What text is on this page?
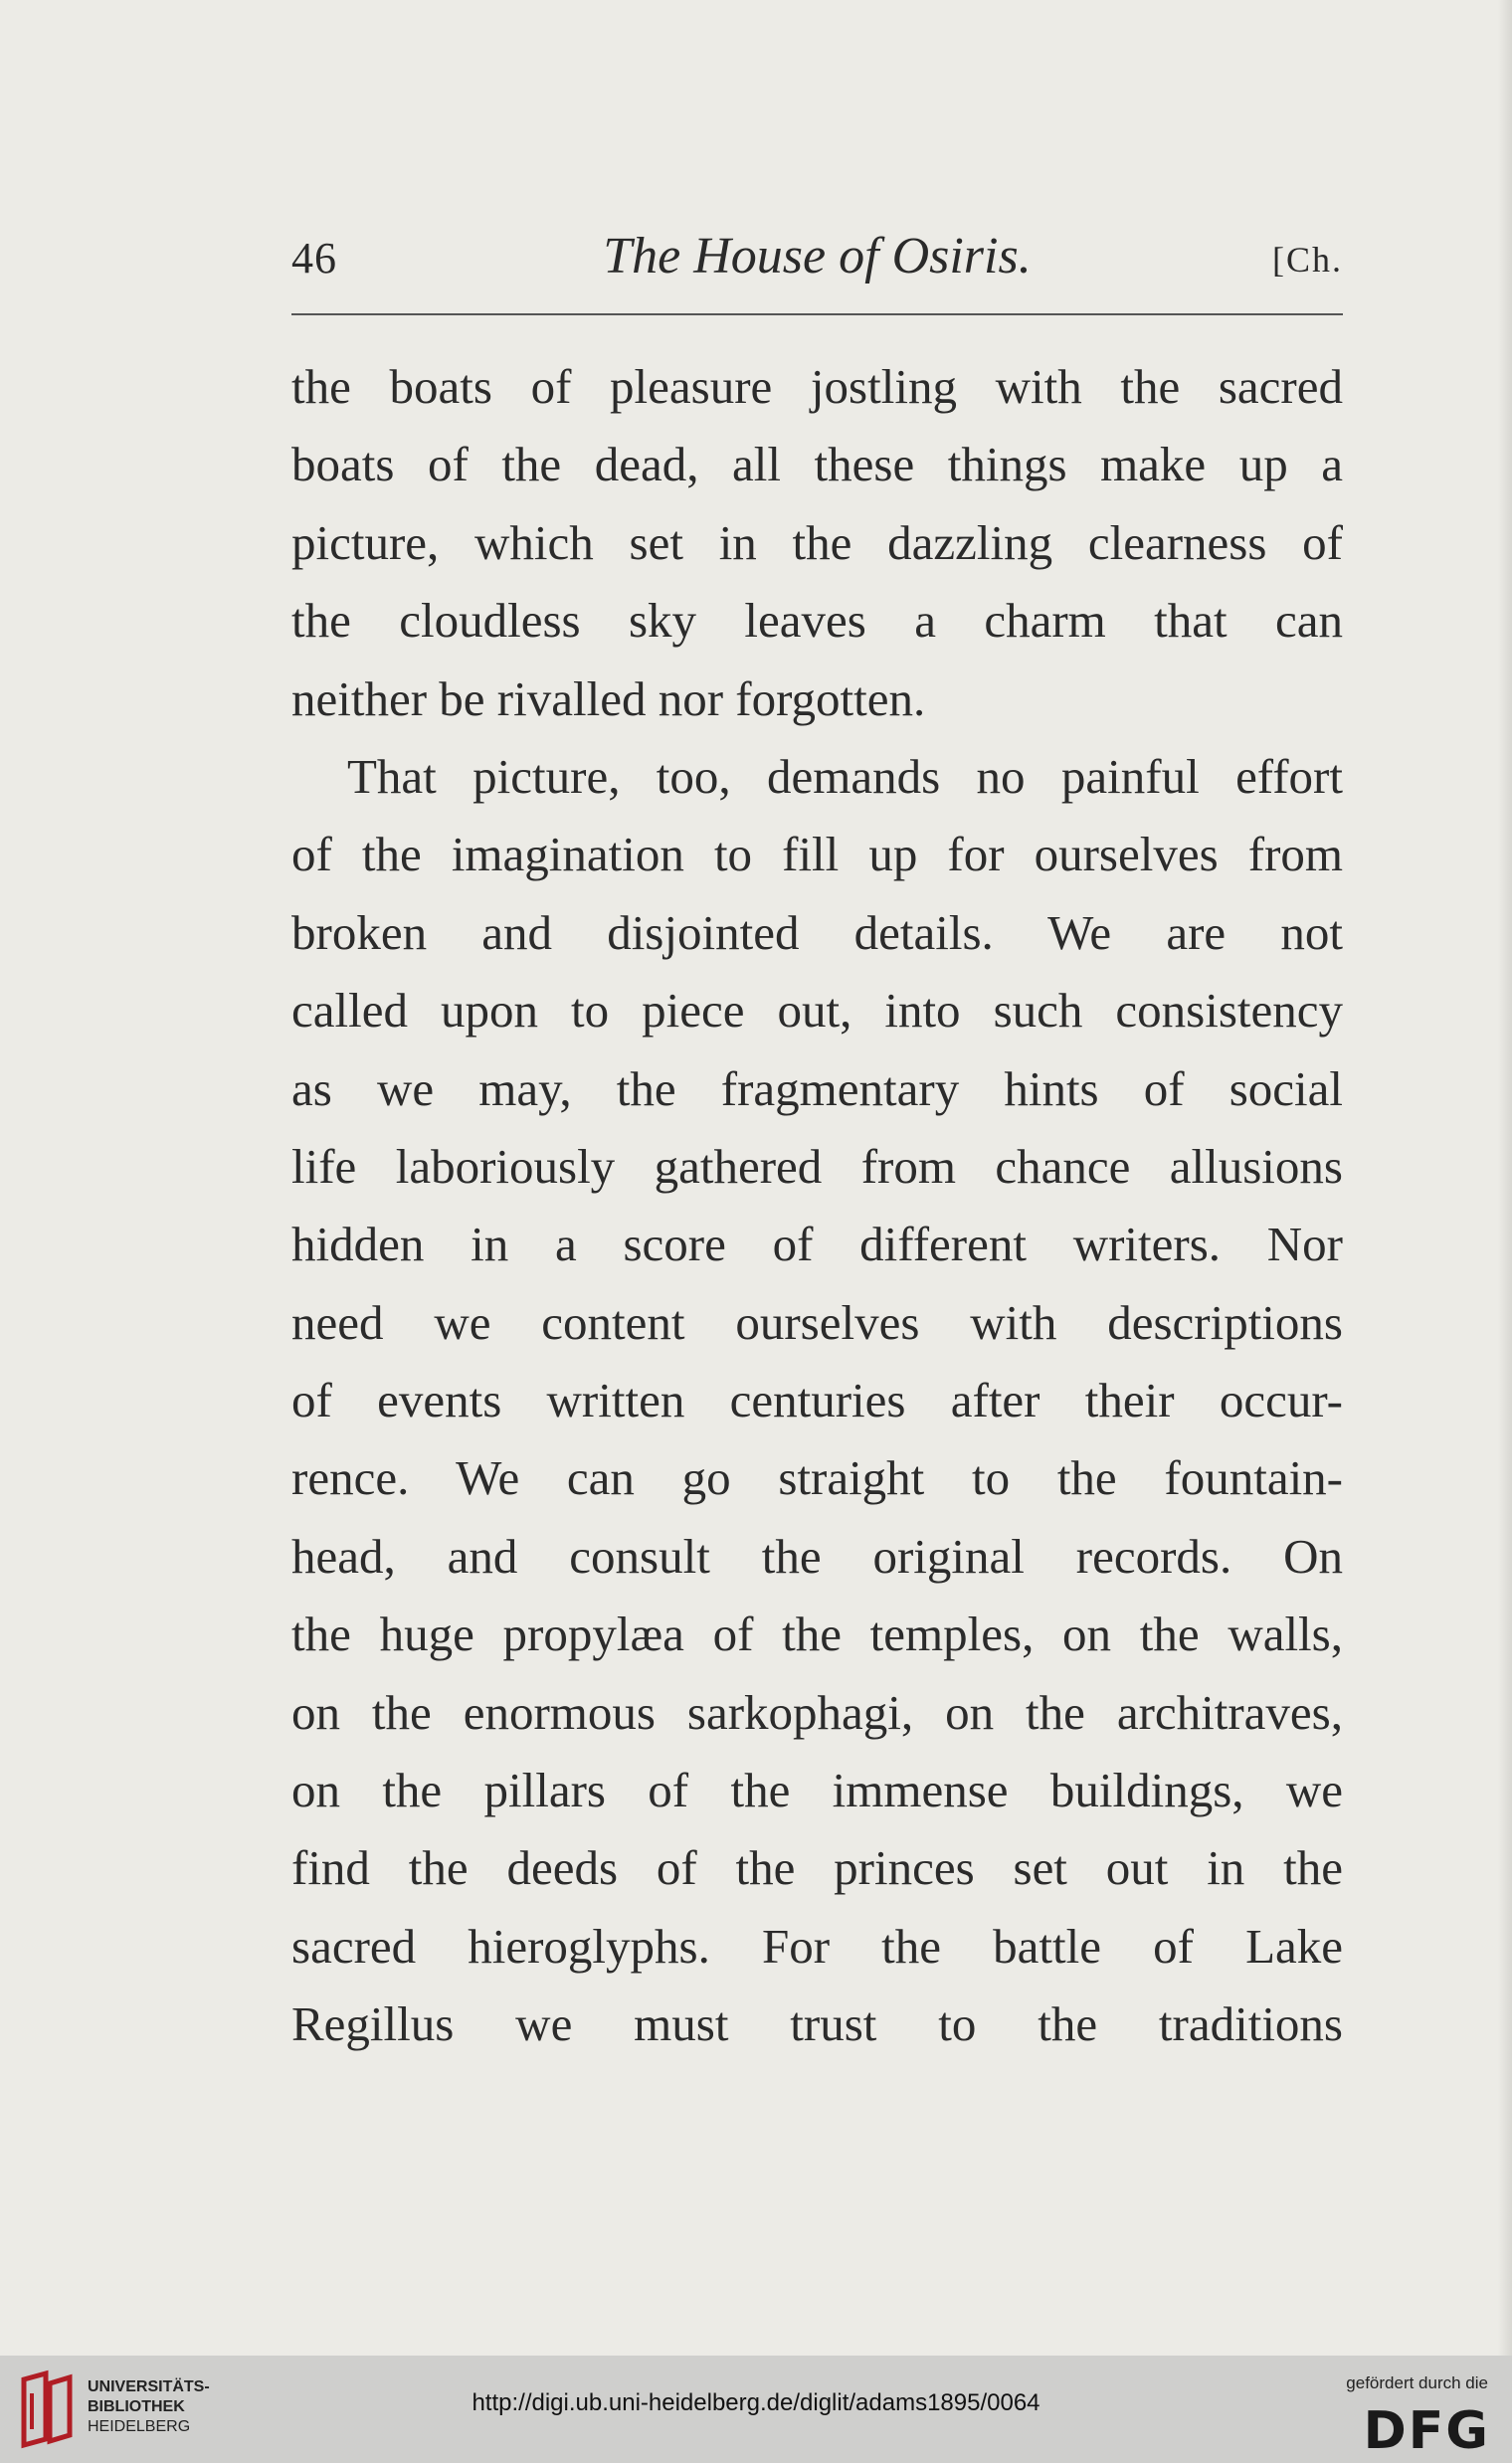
46	The House of Osiris.	[Ch.
the boats of pleasure jostling with the sacred
boats of the dead, all these things make up a
picture, which set in the dazzling clearness of
the cloudless sky leaves a charm that can
neither be rivalled nor forgotten.
That picture, too, demands no painful effort
of the imagination to fill up for ourselves from
broken and disjointed details. We are not
called upon to piece out, into such consistency
as we may, the fragmentary hints of social
life laboriously gathered from chance allusions
hidden in a score of different writers. Nor
need we content ourselves with descriptions
of events written centuries after their occur-
rence. We can go straight to the fountain-
head, and consult the original records. On
the huge propylæa of the temples, on the walls,
on the enormous sarkophagi, on the architraves,
on the pillars of the immense buildings, we
find the deeds of the princes set out in the
sacred hieroglyphs. For the battle of Lake
Regillus we must trust to the traditions
UNIVERSITÄTS-
BIBLIOTHEK
HEIDELBERG
http://digi.ub.uni-heidelberg.de/diglit/adams1895/0064
gefördert durch die
DFG
